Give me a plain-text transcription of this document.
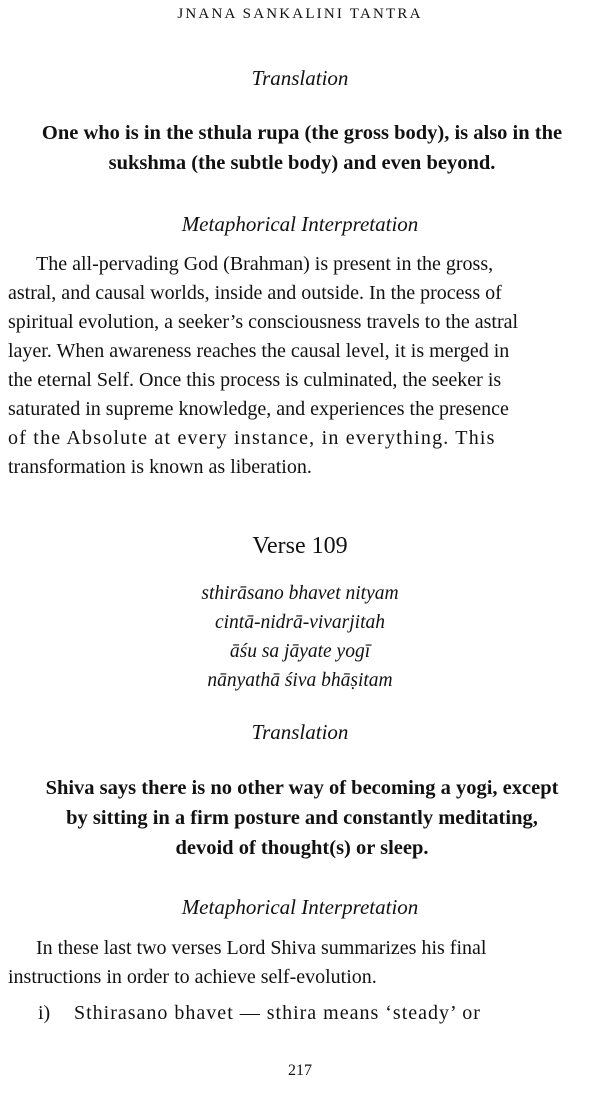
JNANA SANKALINI TANTRA
Translation
One who is in the sthula rupa (the gross body), is also in the
sukshma (the subtle body) and even beyond.
Metaphorical Interpretation
The all-pervading God (Brahman) is present in the gross,
astral, and causal worlds, inside and outside. In the process of
spiritual evolution, a seeker’s consciousness travels to the astral
layer. When awareness reaches the causal level, it is merged in
the eternal Self. Once this process is culminated, the seeker is
saturated in supreme knowledge, and experiences the presence
of the Absolute at every instance, in everything. This
transformation is known as liberation.
Verse 109
sthirāsano bhavet nityam
cintā-nidrā-vivarjitah
āśu sa jāyate yogī
nānyathā śiva bhāṣitam
Translation
Shiva says there is no other way of becoming a yogi, except
by sitting in a firm posture and constantly meditating,
devoid of thought(s) or sleep.
Metaphorical Interpretation
In these last two verses Lord Shiva summarizes his final
instructions in order to achieve self-evolution.
i) Sthirasano bhavet — sthira means ‘steady’ or
217
